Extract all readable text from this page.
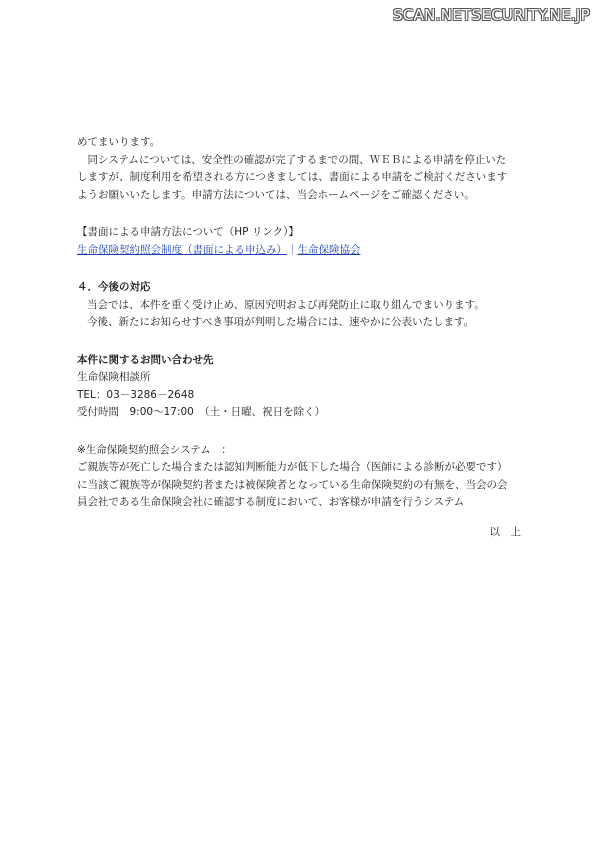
SCAN.NETSECURITY.NE.JP

めてまいります。

　同システムについては、安全性の確認が完了するまでの間、ＷＥＢによる申請を停止いた

しますが、制度利用を希望される方につきましては、書面による申請をご検討くださいます

ようお願いいたします。申請方法については、当会ホームページをご確認ください。

【書面による申請方法について（HP リンク）】

生命保険契約照会制度（書面による申込み）｜生命保険協会

４．今後の対応

当会では、本件を重く受け止め、原因究明および再発防止に取り組んでまいります。

今後、新たにお知らせすべき事項が判明した場合には、速やかに公表いたします。

本件に関するお問い合わせ先

生命保険相談所

TEL：03－3286－2648

受付時間　9:00～17:00　（土・日曜、祝日を除く）

※生命保険契約照会システム　：

ご親族等が死亡した場合または認知判断能力が低下した場合（医師による診断が必要です）

に当該ご親族等が保険契約者または被保険者となっている生命保険契約の有無を、当会の会

員会社である生命保険会社に確認する制度において、お客様が申請を行うシステム

以　上
